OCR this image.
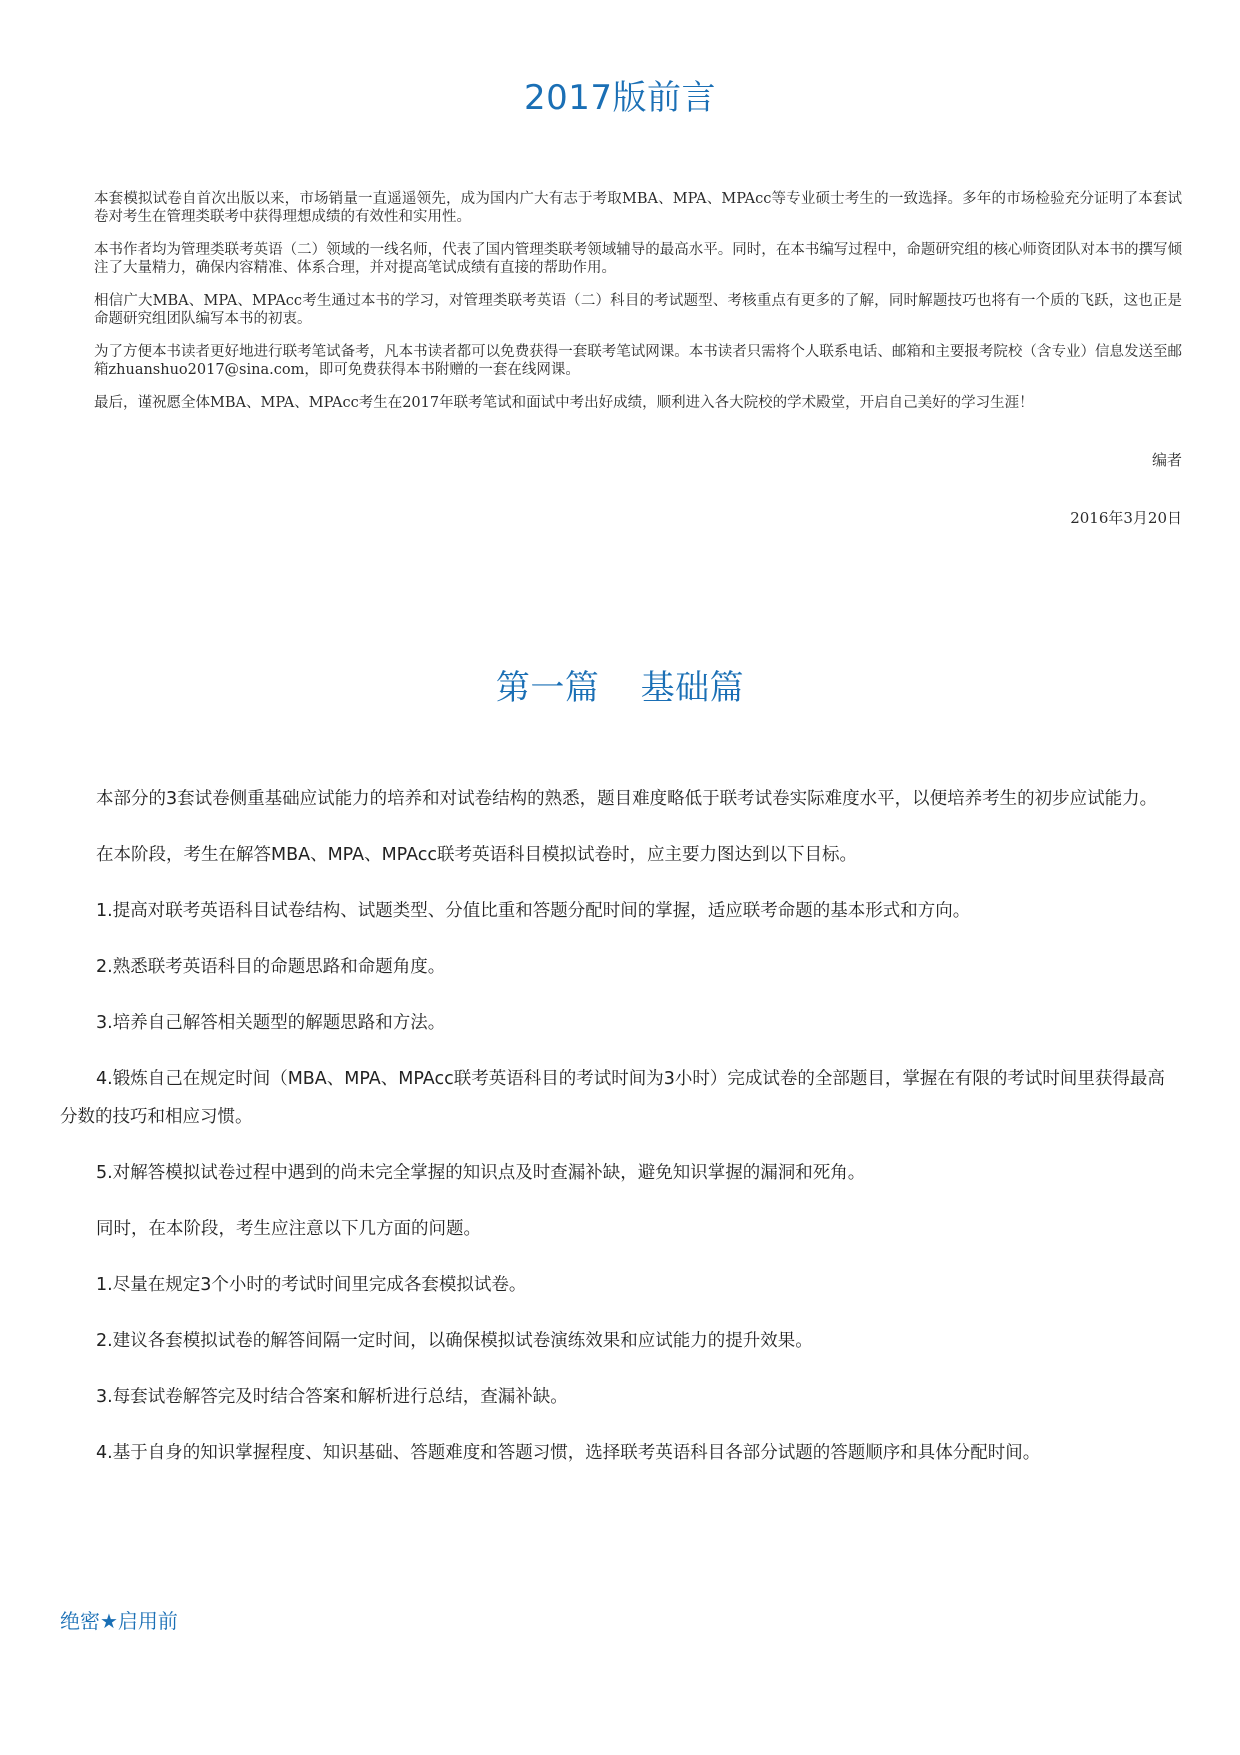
2017版前言

本套模拟试卷自首次出版以来，市场销量一直遥遥领先，成为国内广大有志于考取MBA、MPA、MPAcc等专业硕士考生的一致选择。多年的市场检验充分证明了本套试卷对考生在管理类联考中获得理想成绩的有效性和实用性。

本书作者均为管理类联考英语（二）领域的一线名师，代表了国内管理类联考领域辅导的最高水平。同时，在本书编写过程中，命题研究组的核心师资团队对本书的撰写倾注了大量精力，确保内容精准、体系合理，并对提高笔试成绩有直接的帮助作用。

相信广大MBA、MPA、MPAcc考生通过本书的学习，对管理类联考英语（二）科目的考试题型、考核重点有更多的了解，同时解题技巧也将有一个质的飞跃，这也正是命题研究组团队编写本书的初衷。

为了方便本书读者更好地进行联考笔试备考，凡本书读者都可以免费获得一套联考笔试网课。本书读者只需将个人联系电话、邮箱和主要报考院校（含专业）信息发送至邮箱zhuanshuo2017@sina.com，即可免费获得本书附赠的一套在线网课。

最后，谨祝愿全体MBA、MPA、MPAcc考生在2017年联考笔试和面试中考出好成绩，顺利进入各大院校的学术殿堂，开启自己美好的学习生涯！

编者
2016年3月20日
第一篇 基础篇

本部分的3套试卷侧重基础应试能力的培养和对试卷结构的熟悉，题目难度略低于联考试卷实际难度水平，以便培养考生的初步应试能力。

在本阶段，考生在解答MBA、MPA、MPAcc联考英语科目模拟试卷时，应主要力图达到以下目标。

1.提高对联考英语科目试卷结构、试题类型、分值比重和答题分配时间的掌握，适应联考命题的基本形式和方向。

2.熟悉联考英语科目的命题思路和命题角度。

3.培养自己解答相关题型的解题思路和方法。

4.锻炼自己在规定时间（MBA、MPA、MPAcc联考英语科目的考试时间为3小时）完成试卷的全部题目，掌握在有限的考试时间里获得最高分数的技巧和相应习惯。

5.对解答模拟试卷过程中遇到的尚未完全掌握的知识点及时查漏补缺，避免知识掌握的漏洞和死角。

同时，在本阶段，考生应注意以下几方面的问题。

1.尽量在规定3个小时的考试时间里完成各套模拟试卷。

2.建议各套模拟试卷的解答间隔一定时间，以确保模拟试卷演练效果和应试能力的提升效果。

3.每套试卷解答完及时结合答案和解析进行总结，查漏补缺。

4.基于自身的知识掌握程度、知识基础、答题难度和答题习惯，选择联考英语科目各部分试题的答题顺序和具体分配时间。

绝密★启用前
